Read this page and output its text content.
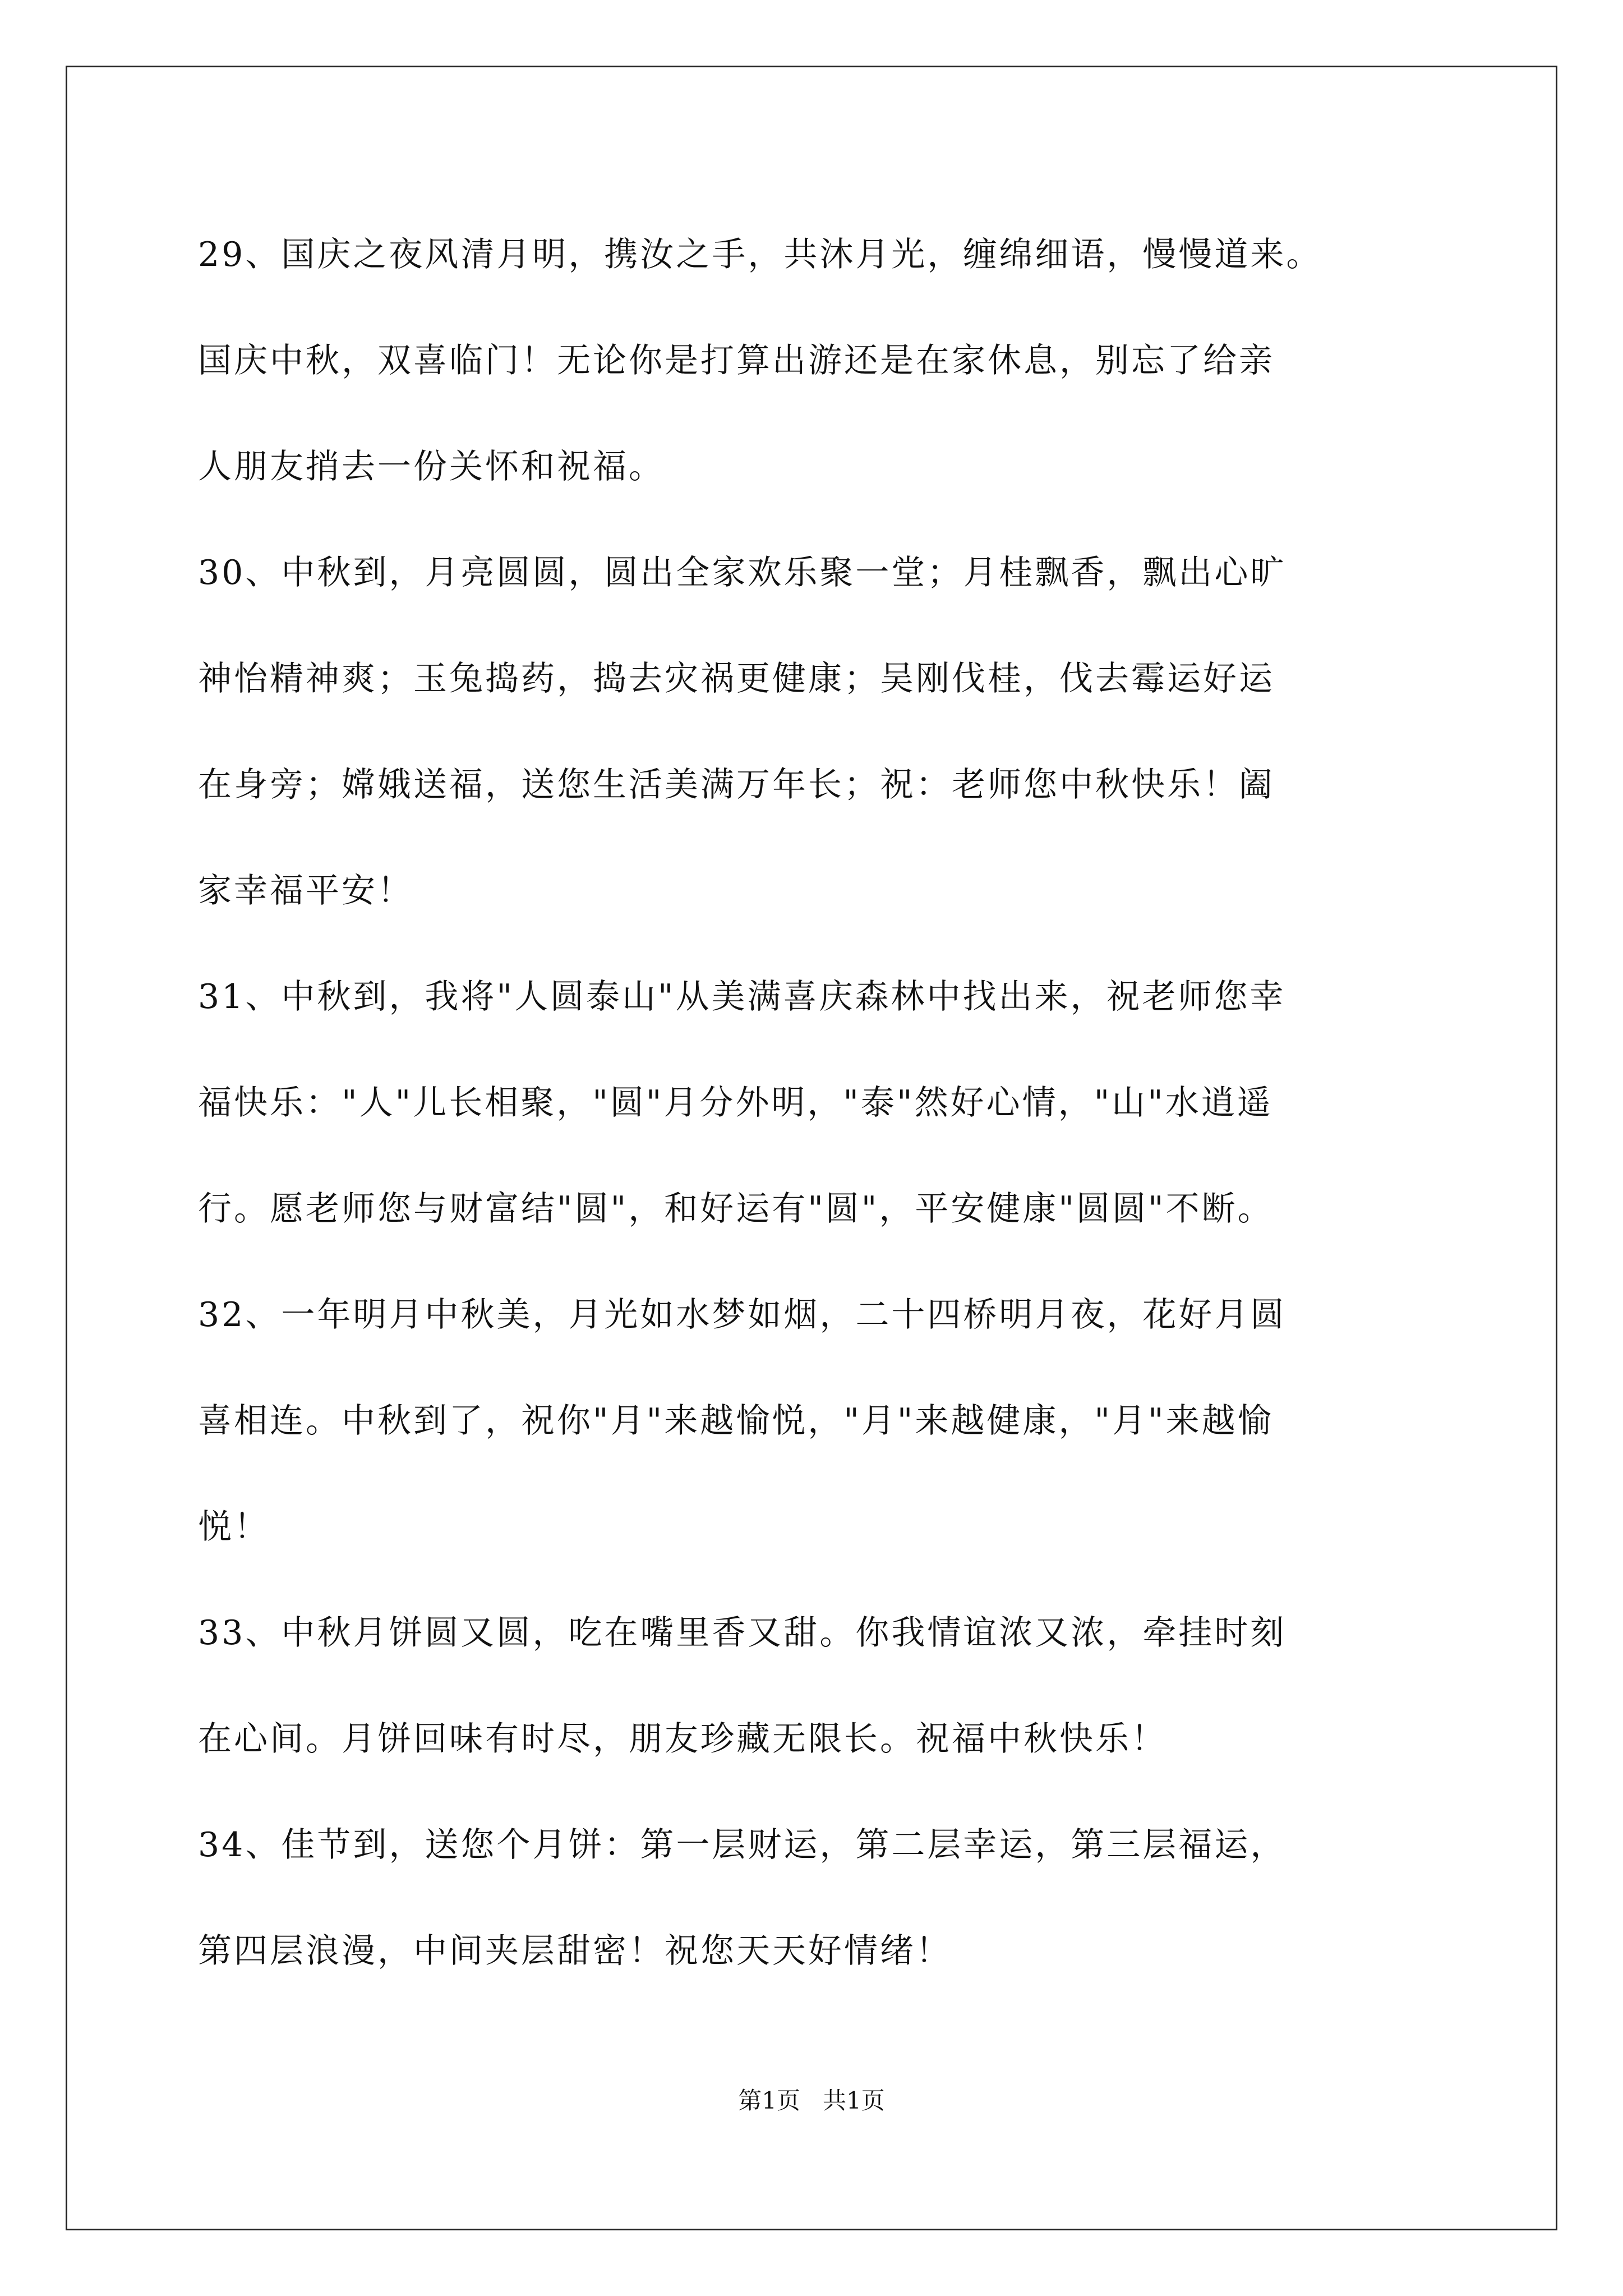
29、国庆之夜风清月明，携汝之手，共沐月光，缠绵细语，慢慢道来。
国庆中秋，双喜临门！无论你是打算出游还是在家休息，别忘了给亲
人朋友捎去一份关怀和祝福。
30、中秋到，月亮圆圆，圆出全家欢乐聚一堂；月桂飘香，飘出心旷
神怡精神爽；玉兔捣药，捣去灾祸更健康；吴刚伐桂，伐去霉运好运
在身旁；嫦娥送福，送您生活美满万年长；祝：老师您中秋快乐！阖
家幸福平安！
31、中秋到，我将"人圆泰山"从美满喜庆森林中找出来，祝老师您幸
福快乐："人"儿长相聚，"圆"月分外明，"泰"然好心情，"山"水逍遥
行。愿老师您与财富结"圆"，和好运有"圆"，平安健康"圆圆"不断。
32、一年明月中秋美，月光如水梦如烟，二十四桥明月夜，花好月圆
喜相连。中秋到了，祝你"月"来越愉悦，"月"来越健康，"月"来越愉
悦！
33、中秋月饼圆又圆，吃在嘴里香又甜。你我情谊浓又浓，牵挂时刻
在心间。月饼回味有时尽，朋友珍藏无限长。祝福中秋快乐！
34、佳节到，送您个月饼：第一层财运，第二层幸运，第三层福运，
第四层浪漫，中间夹层甜密！祝您天天好情绪！
第1页   共1页
